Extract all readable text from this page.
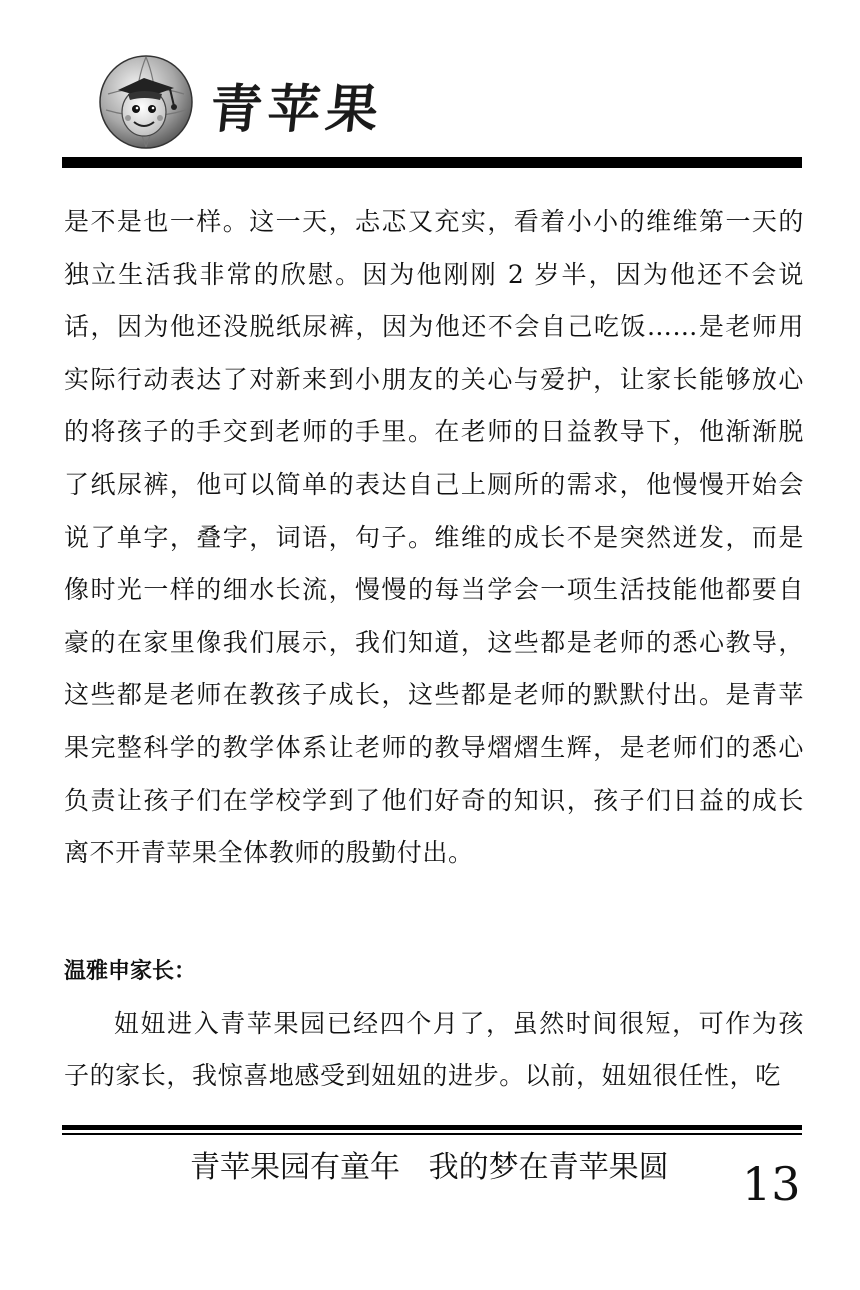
青苹果

是不是也一样。这一天，忐忑又充实，看着小小的维维第一天的独立生活我非常的欣慰。因为他刚刚 2 岁半，因为他还不会说话，因为他还没脱纸尿裤，因为他还不会自己吃饭……是老师用实际行动表达了对新来到小朋友的关心与爱护，让家长能够放心的将孩子的手交到老师的手里。在老师的日益教导下，他渐渐脱了纸尿裤，他可以简单的表达自己上厕所的需求，他慢慢开始会说了单字，叠字，词语，句子。维维的成长不是突然迸发，而是像时光一样的细水长流，慢慢的每当学会一项生活技能他都要自豪的在家里像我们展示，我们知道，这些都是老师的悉心教导，这些都是老师在教孩子成长，这些都是老师的默默付出。是青苹果完整科学的教学体系让老师的教导熠熠生辉，是老师们的悉心负责让孩子们在学校学到了他们好奇的知识，孩子们日益的成长离不开青苹果全体教师的殷勤付出。

温雅申家长：

妞妞进入青苹果园已经四个月了，虽然时间很短，可作为孩子的家长，我惊喜地感受到妞妞的进步。以前，妞妞很任性，吃

青苹果园有童年   我的梦在青苹果圆 13
